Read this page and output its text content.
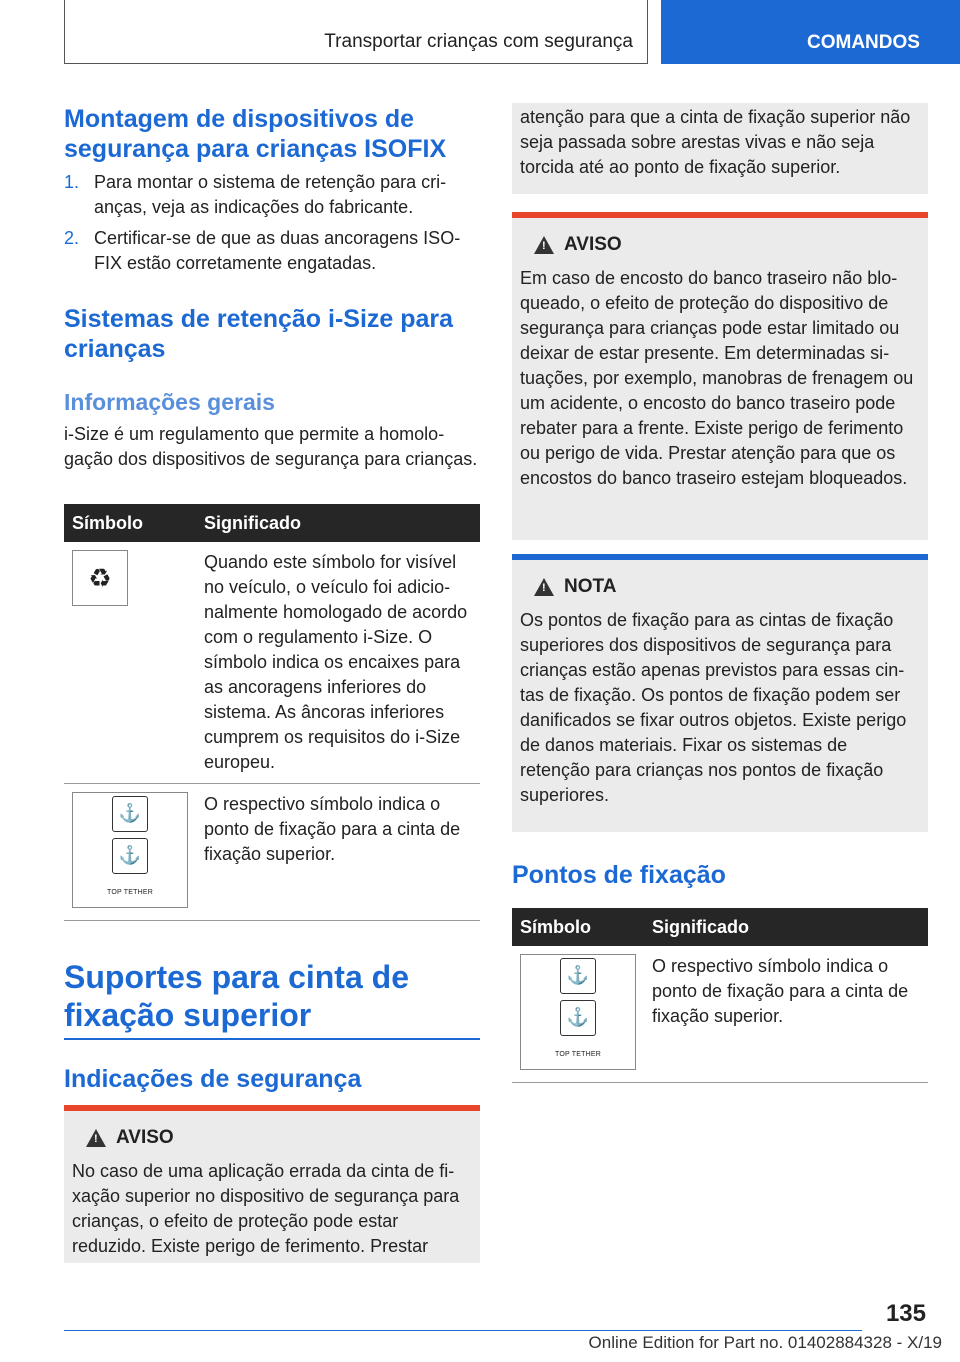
Transportar crianças com segurança	COMANDOS
Montagem de dispositivos de segurança para crianças ISOFIX
1. Para montar o sistema de retenção para crianças, veja as indicações do fabricante.
2. Certificar-se de que as duas ancoragens ISOFIX estão corretamente engatadas.
Sistemas de retenção i-Size para crianças
Informações gerais

i-Size é um regulamento que permite a homologação dos dispositivos de segurança para crianças.

Símbolo	Significado

♻	Quando este símbolo for visível no veículo, o veículo foi adicionalmente homologado de acordo com o regulamento i-Size. O símbolo indica os encaixes para as ancoragens inferiores do sistema. As âncoras inferiores cumprem os requisitos do i-Size europeu.

⚓
⚓
TOP TETHER	O respectivo símbolo indica o ponto de fixação para a cinta de fixação superior.
Suportes para cinta de fixação superior
Indicações de segurança
! AVISO

No caso de uma aplicação errada da cinta de fixação superior no dispositivo de segurança para crianças, o efeito de proteção pode estar reduzido. Existe perigo de ferimento. Prestar

atenção para que a cinta de fixação superior não seja passada sobre arestas vivas e não seja torcida até ao ponto de fixação superior.

! AVISO

Em caso de encosto do banco traseiro não bloqueado, o efeito de proteção do dispositivo de segurança para crianças pode estar limitado ou deixar de estar presente. Em determinadas situações, por exemplo, manobras de frenagem ou um acidente, o encosto do banco traseiro pode rebater para a frente. Existe perigo de ferimento ou perigo de vida. Prestar atenção para que os encostos do banco traseiro estejam bloqueados.

! NOTA

Os pontos de fixação para as cintas de fixação superiores dos dispositivos de segurança para crianças estão apenas previstos para essas cintas de fixação. Os pontos de fixação podem ser danificados se fixar outros objetos. Existe perigo de danos materiais. Fixar os sistemas de retenção para crianças nos pontos de fixação superiores.

Pontos de fixação
Símbolo	Significado

⚓
⚓
TOP TETHER	O respectivo símbolo indica o ponto de fixação para a cinta de fixação superior.
135
Online Edition for Part no. 01402884328 - X/19
